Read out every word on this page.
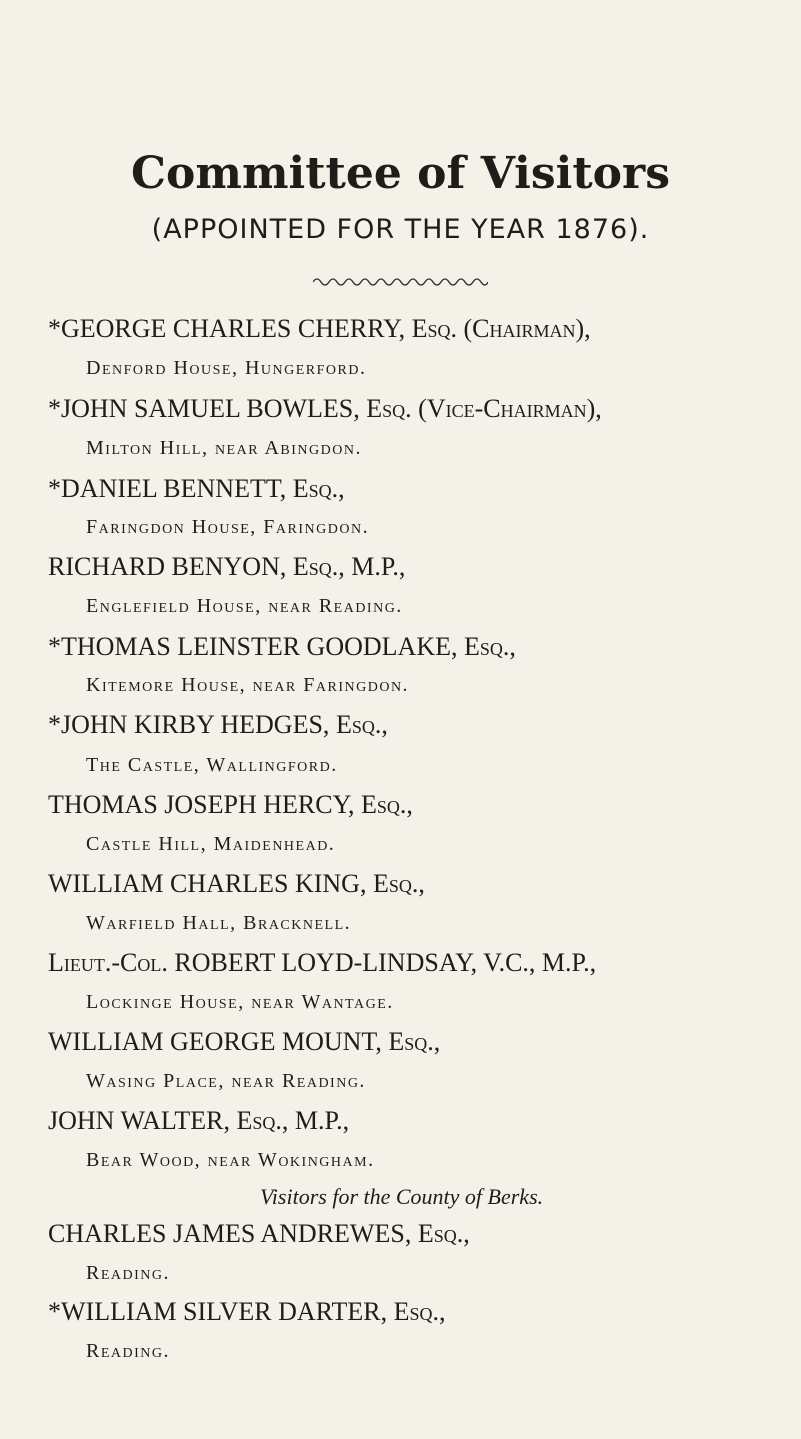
Committee of Visitors
(APPOINTED FOR THE YEAR 1876).
*GEORGE CHARLES CHERRY, Esq. (Chairman),
Denford House, Hungerford.
*JOHN SAMUEL BOWLES, Esq. (Vice-Chairman),
Milton Hill, near Abingdon.
*DANIEL BENNETT, Esq.,
Faringdon House, Faringdon.
RICHARD BENYON, Esq., M.P.,
Englefield House, near Reading.
*THOMAS LEINSTER GOODLAKE, Esq.,
Kitemore House, near Faringdon.
*JOHN KIRBY HEDGES, Esq.,
The Castle, Wallingford.
THOMAS JOSEPH HERCY, Esq.,
Castle Hill, Maidenhead.
WILLIAM CHARLES KING, Esq.,
Warfield Hall, Bracknell.
Lieut.-Col. ROBERT LOYD-LINDSAY, V.C., M.P.,
Lockinge House, near Wantage.
WILLIAM GEORGE MOUNT, Esq.,
Wasing Place, near Reading.
JOHN WALTER, Esq., M.P.,
Bear Wood, near Wokingham.
Visitors for the County of Berks.
CHARLES JAMES ANDREWES, Esq.,
Reading.
*WILLIAM SILVER DARTER, Esq.,
Reading.
